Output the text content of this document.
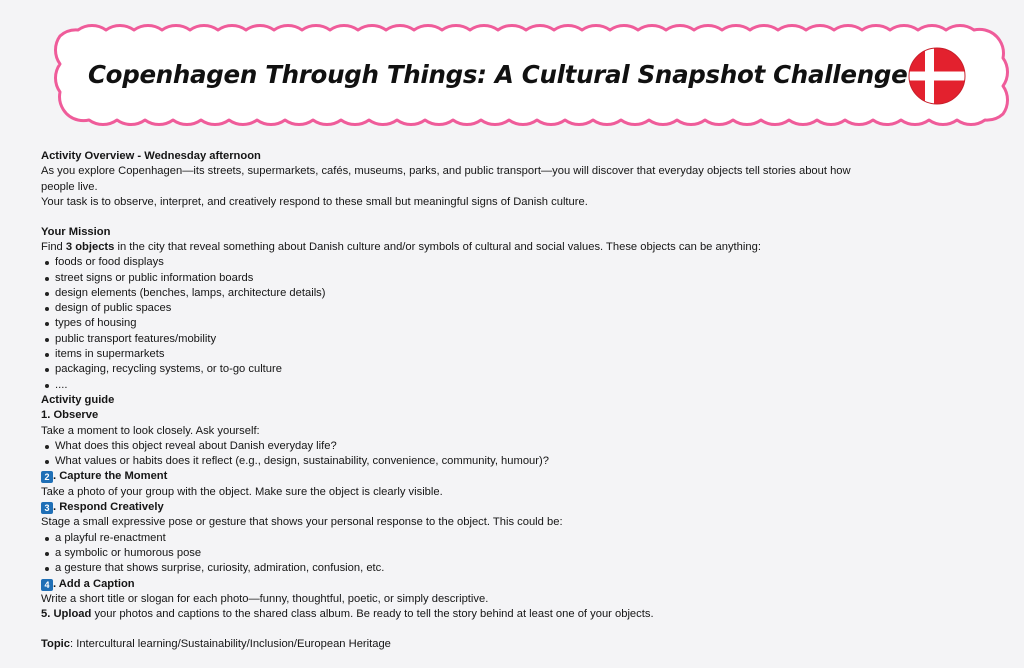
Copenhagen Through Things: A Cultural Snapshot Challenge

Activity Overview - Wednesday afternoon

As you explore Copenhagen—its streets, supermarkets, cafés, museums, parks, and public transport—you will discover that everyday objects tell stories about how

people live.

Your task is to observe, interpret, and creatively respond to these small but meaningful signs of Danish culture.

Your Mission

Find 3 objects in the city that reveal something about Danish culture and/or symbols of cultural and social values. These objects can be anything:

foods or food displays
street signs or public information boards
design elements (benches, lamps, architecture details)
design of public spaces
types of housing
public transport features/mobility
items in supermarkets
packaging, recycling systems, or to-go culture
....

Activity guide

1. Observe

Take a moment to look closely. Ask yourself:

What does this object reveal about Danish everyday life?
What values or habits does it reflect (e.g., design, sustainability, convenience, community, humour)?

2 . Capture the Moment

Take a photo of your group with the object. Make sure the object is clearly visible.

3 . Respond Creatively

Stage a small expressive pose or gesture that shows your personal response to the object. This could be:

a playful re-enactment
a symbolic or humorous pose
a gesture that shows surprise, curiosity, admiration, confusion, etc.

4 . Add a Caption

Write a short title or slogan for each photo—funny, thoughtful, poetic, or simply descriptive.

5. Upload your photos and captions to the shared class album. Be ready to tell the story behind at least one of your objects.

Topic: Intercultural learning/Sustainability/Inclusion/European Heritage
